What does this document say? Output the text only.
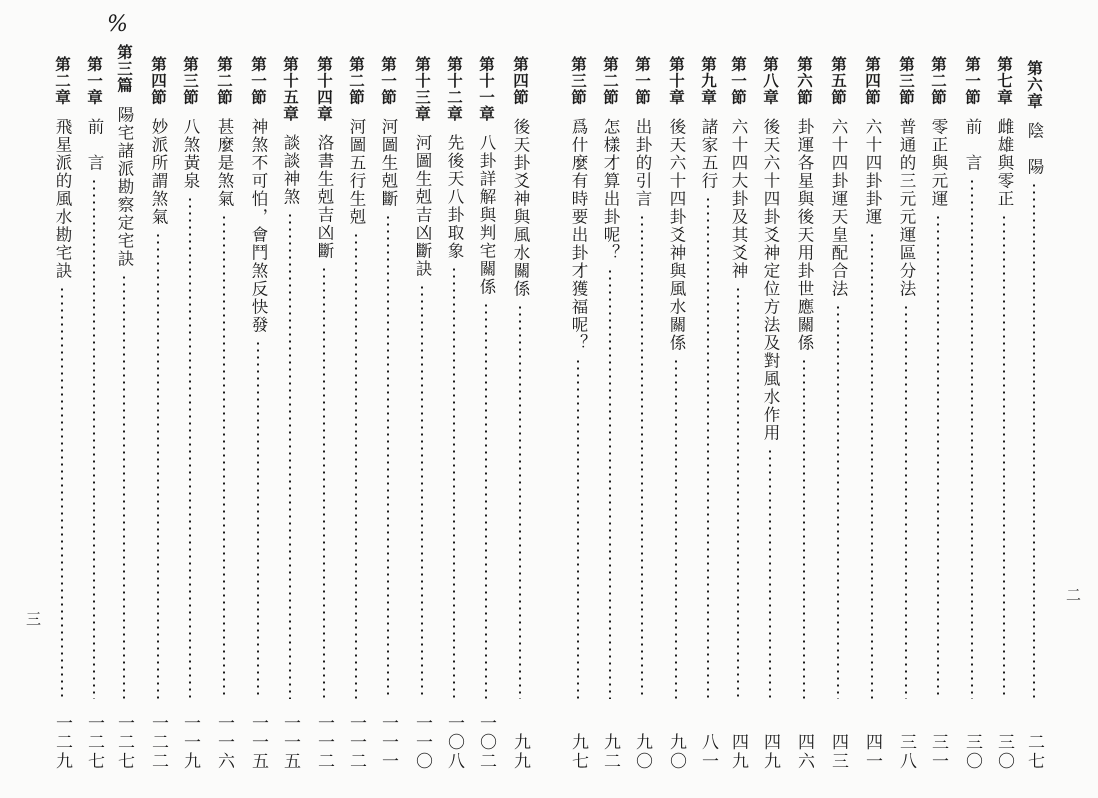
%
三
二
第六章
陰　陽
二七
第七章
雌雄與零正
三〇
第一節
前　言
三〇
第二節
零正與元運
三一
第三節
普通的三元元運區分法
三八
第四節
六十四卦卦運
四一
第五節
六十四卦運天皇配合法
四三
第六節
卦運各星與後天用卦世應關係
四六
第八章
後天六十四卦爻神定位方法及對風水作用
四九
第一節
六十四大卦及其爻神
四九
第九章
諸家五行
八一
第十章
後天六十四卦爻神與風水關係
九〇
第一節
出卦的引言
九〇
第二節
怎樣才算出卦呢？
九二
第三節
爲什麼有時要出卦才獲福呢？
九七
第四節
後天卦爻神與風水關係
九九
第十一章
八卦詳解與判宅關係
一〇二
第十二章
先後天八卦取象
一〇八
第十三章
河圖生剋吉凶斷訣
一一〇
第一節
河圖生剋斷
一一一
第二節
河圖五行生剋
一一二
第十四章
洛書生剋吉凶斷
一一二
第十五章
談談神煞
一一五
第一節
神煞不可怕，會鬥煞反快發
一一五
第二節
甚麼是煞氣
一一六
第三節
八煞黃泉
一一九
第四節
妙派所謂煞氣
一二二
第三篇
陽宅諸派勘察定宅訣
一二七
第一章
前　言
一二七
第二章
飛星派的風水勘宅訣
一二九
